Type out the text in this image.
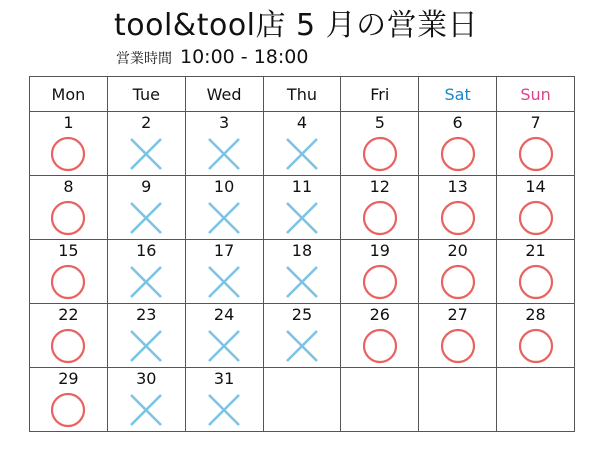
tool&tool店 5 月の営業日
営業時間 10:00 - 18:00
Mon	Tue	Wed	Thu	Fri	Sat	Sun

1	2	3	4	5	6	7

8	9	10	11	12	13	14

15	16	17	18	19	20	21

22	23	24	25	26	27	28

29	30	31				
